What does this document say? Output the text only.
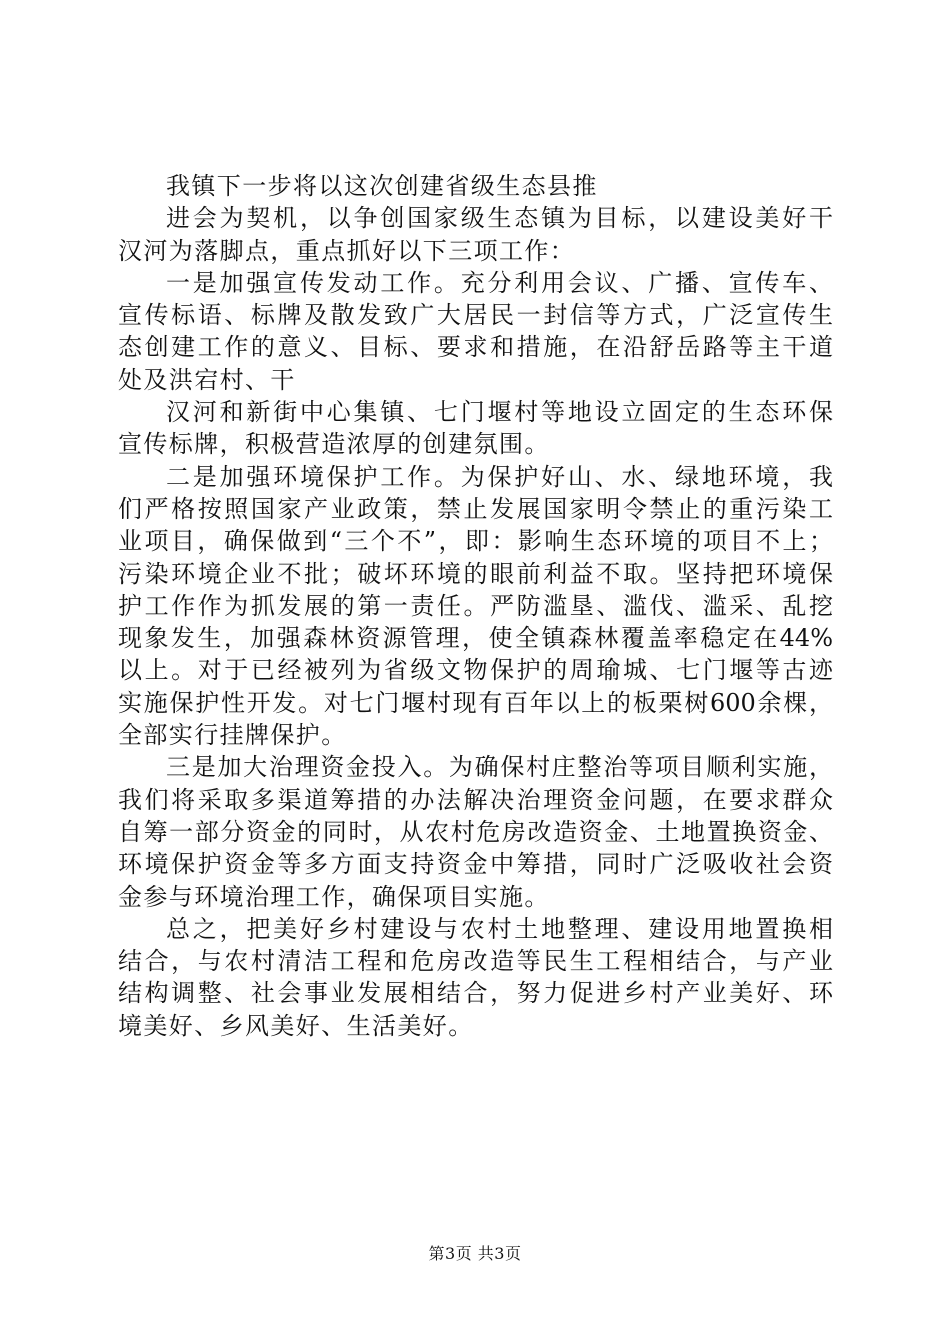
我镇下一步将以这次创建省级生态县推
进会为契机，以争创国家级生态镇为目标，以建设美好干
汉河为落脚点，重点抓好以下三项工作：
一是加强宣传发动工作。充分利用会议、广播、宣传车、
宣传标语、标牌及散发致广大居民一封信等方式，广泛宣传生
态创建工作的意义、目标、要求和措施，在沿舒岳路等主干道
处及洪宕村、干
汉河和新街中心集镇、七门堰村等地设立固定的生态环保
宣传标牌，积极营造浓厚的创建氛围。
二是加强环境保护工作。为保护好山、水、绿地环境，我
们严格按照国家产业政策，禁止发展国家明令禁止的重污染工
业项目，确保做到“三个不”，即：影响生态环境的项目不上；
污染环境企业不批；破坏环境的眼前利益不取。坚持把环境保
护工作作为抓发展的第一责任。严防滥垦、滥伐、滥采、乱挖
现象发生，加强森林资源管理，使全镇森林覆盖率稳定在44%
以上。对于已经被列为省级文物保护的周瑜城、七门堰等古迹
实施保护性开发。对七门堰村现有百年以上的板栗树600余棵，
全部实行挂牌保护。
三是加大治理资金投入。为确保村庄整治等项目顺利实施，
我们将采取多渠道筹措的办法解决治理资金问题，在要求群众
自筹一部分资金的同时，从农村危房改造资金、土地置换资金、
环境保护资金等多方面支持资金中筹措，同时广泛吸收社会资
金参与环境治理工作，确保项目实施。
总之，把美好乡村建设与农村土地整理、建设用地置换相
结合，与农村清洁工程和危房改造等民生工程相结合，与产业
结构调整、社会事业发展相结合，努力促进乡村产业美好、环
境美好、乡风美好、生活美好。
第3页 共3页
